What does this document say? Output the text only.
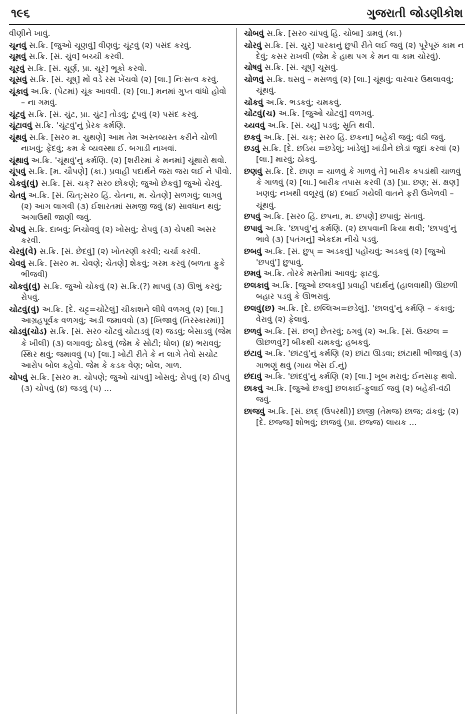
૧૯૬	ગુજરાતી જોડણીકોશ

વીણીને ખાવું.

ચૂનવું સ.ક્રિ. [જુઓ ચૂણવું] વીણવું; ચૂંટવું (૨) પસંદ કરવું.

ચૂમવું સ.ક્રિ. [સં. ચુંવ] બચ્ચી કરવી.

ચૂરવું સ.ક્રિ. [સં. ચૂર્ણ, પ્રા. ચૂર] ભૂકો કરવો.

ચૂસવું સ.ક્રિ. [સં. ચૂષ્] મોં વડે રસ ખેંચવો (૨) [લા.] નિઃસત્વ કરવું.

ચૂંકાવું અ.ક્રિ. (પેટમાં) ચૂંક આવવી. (૨) [લા.] મનમાં ગુપ્ત વાંધો હોવો – ના ગમવું.

ચૂંટવું સ.ક્રિ. [સં. ચુંટ, પ્રા. ચુંટ] તોડવું; ટૂંપવું (૨) પસંદ કરવું.

ચૂંટાવવું સ.ક્રિ. 'ચૂંટવું'નું પ્રેરક કર્મણિ.

ચૂંથવું સ.ક્રિ. [સર૦ મ. ચુથણે] આમ તેમ અસ્તવ્યસ્ત કરીને ચોળી નાખવું; ફેંદવું; કમ કે વ્યવસ્થા ઈ. બગાડી નાખવાં.

ચૂંથાવું અ.ક્રિ. 'ચૂંથવું'નું કર્મણિ. (૨) [શરીરમાં કે મનમાં] ચૂંથારો થવો.

ચૂંપવું સ.ક્રિ. [મ. ચૌપણે] (કા.) પ્રવાહી પદાર્થને જરા જરા લઈ ને પીવો.

ચેકવું(વું) સ.ક્રિ. [સં. ચક્? સર૦ છોકણે; જુઓ છેકવું] જુઓ ચેરવું.

ચેતવું અ.ક્રિ. [સં. ચિત્;સર૦ હિં. ચેતના, મ. ચેતણે] સળગવું; લાગવું (૨) આગ લાગવી (૩) ઈશારતમાં સમજી જવું (૪) સાવધાન થવું; અગાઉથી જાણી જવું.

ચેપવું સ.ક્રિ. દાબવું; નિચોવવું (૨) ખોસવું; રોપવું (૩) ચેપથી અસર કરવી.

ચેરવું(વે) સ.ક્રિ. [સં. છેદવું] (૨) ખોતરણી કરવી; ચર્ચા કરવી.

ચેવવું સ.ક્રિ. [સર૦ મ. ચેવણે; ચેતણે] શેકવું; ગરમ કરવું (બળતા ફુકે ભીજવી)

ચોકવું(વું) સ.ક્રિ. જુઓ ચોકવું (૨) સ.ક્રિ.(?) માપવું (૩) ઊભું કરવું; રોપવું.

ચોટવું(વું) અ.ક્રિ. [દે. ચટ્ટ=ચોંટેલું] ચીકાશને લીધે વળગવું (૨) [લા.] આગ્રહપૂર્વક વળગવું; અડી જમાવવો (૩) [ખિજાવું (તિરસ્કારમાં)]

ચોડવું(ચોડ) સ.ક્રિ. [સં. સર૦ ચોંટવું ચોટાડવું (૨) જડવું; બેસાડવું (જેમ કે ખીલી) (૩) લગાવવું; ઠોકવું (જેમ કે સોટી; ધોલ) (૪) ભરાવવું; સ્થિર થવું; જમાવવું (૫) [લા.] ખોટી રીતે કે ન લાગે તેવો સચોટ આરોપ બોલ કહેવો. જેમ કે કડક વેણ; બોલ, ગાળ.

ચોપવું સ.ક્રિ. [સર૦ મ. ચોપણે; જુઓ ચાંપવું] ખોસવું; રોપવું (૨) ઠીપવું (૩) ચોપવું (૪) જડવું (૫) ...

ચોબવું સ.ક્રિ. [સર૦ ચાંપવું હિં. ચોબા] ડામવું (કા.)

ચોરવું સ.ક્રિ. [સં. ચુર્] પારકાનું છુપી રીતે લઈ જવું (૨) પૂરેપૂરું કામ ન દેવું; કસર રાખવી (જેમ કે હાથ પગ કે મન વા કામ ચોરવું).

ચોષવું સ.ક્રિ. [સં. ચૂષ્] ચૂસવું.

ચોળવું સ.ક્રિ. ઘસવું – મસળવું (૨) [લા.] ચૂંથવું; વારંવાર ઉથલાવવું; ચૂંથવું.

ચોંકવું અ.ક્રિ. ભડકવું; ચમકવું.

ચોંટવું(ચ) અ.ક્રિ. [જુઓ ચોટવું] વળગવું.

ચ્યવવું અ.ક્રિ. [સં. ચ્યુ] ૫ડવું; સ્રુતિ થવી.

છકવું અ.ક્રિ. [સં. ચક્; સર૦ હિં. છકના] બહેકી જવું; વંઠી જવું.

છડવું સ.ક્રિ. [દે. છડિય =છડેલું; ખાંડેલું] ખાંડીને છોડાં જુદાં કરવાં (૨) [લા.] મારવું; ઠોકવું.

છણવું સ.ક્રિ. [દે. છાણ = ચાળવું કે ગાળવું તે] બારીક કપડાંથી ચાળવું કે ગાળવું (૨) [લા.] બારીક તપાસ કરવી (૩) [પ્રા. છણ; સં. ક્ષણ] ખણવું; નખથી વલૂરવું (૪) દબાઈ ગયેલી વાતને ફરી ઉખેળવી – ચૂંથવું.

છપવું અ.ક્રિ. [સર૦ હિં. છપના, મ. છપણે] છપાવું; સંતાવું.

છપાવું અ.ક્રિ. 'છાપવું'નું કર્મણિ. (૨) છાપવાની ક્રિયા થવી; 'છાપવું'નું ભાવે (૩) [પતંગનું] એકદમ નીચે પડવું.

છબવું અ.ક્રિ. [સં. છુપ્ = અડકવું] પહોંચવું; અડકવું (૨) [જુઓ 'છપવું'] છુપાવું.

છમવું અ.ક્રિ. તોરકે મસ્તીમાં આવવું; ફાટવું.

છલકાવું અ.ક્રિ. [જુઓ છલકવું] પ્રવાહી પદાર્થનું (હાલવાથી) ઊછળી બહાર પડવું કે ઊભરાવું.

છલવું(છ) અ.ક્રિ. [દે. છલ્લિઅ=છડેલું]. 'છાલવું'નું કર્મણિ – કંકાવું; વેરાવું (૨) ફેલાવું.

છળવું અ.ક્રિ. [સં. છલ્] છેતરવું; ઠગવું (૨) અ.ક્રિ. [સં. ઉચ્છલ = ઊછળવું?] બીકથી ચમકવું; હબકવું.

છંટાવું અ.ક્રિ. 'છાંટવું'નું કર્મણિ (૨) છાંટા ઊડવા; છાંટાથી ભીજાવું (૩) ગાભણું થવું (ગાય ભેંસ ઈ.નું)

છંદાવું અ.ક્રિ. 'છાંદવું'નું કર્મણિ (૨) [લા.] ખૂબ મરાવું; ઈનસાફ થવો.

છાકવું અ.ક્રિ. [જુઓ છકવું] છલકાઈ-ફુલાઈ જવું (૨) બહેકી-વંઠી જવું.

છાજવું અ.ક્રિ. [સં. છાદ્ (ઉપરથી)] છાજી (તેમજ) છાજ; ઢાંકવું; (૨) [દે. છજ્જ] શોભવું; છાજવું (પ્રા. છજ્જ) લાયક ...
